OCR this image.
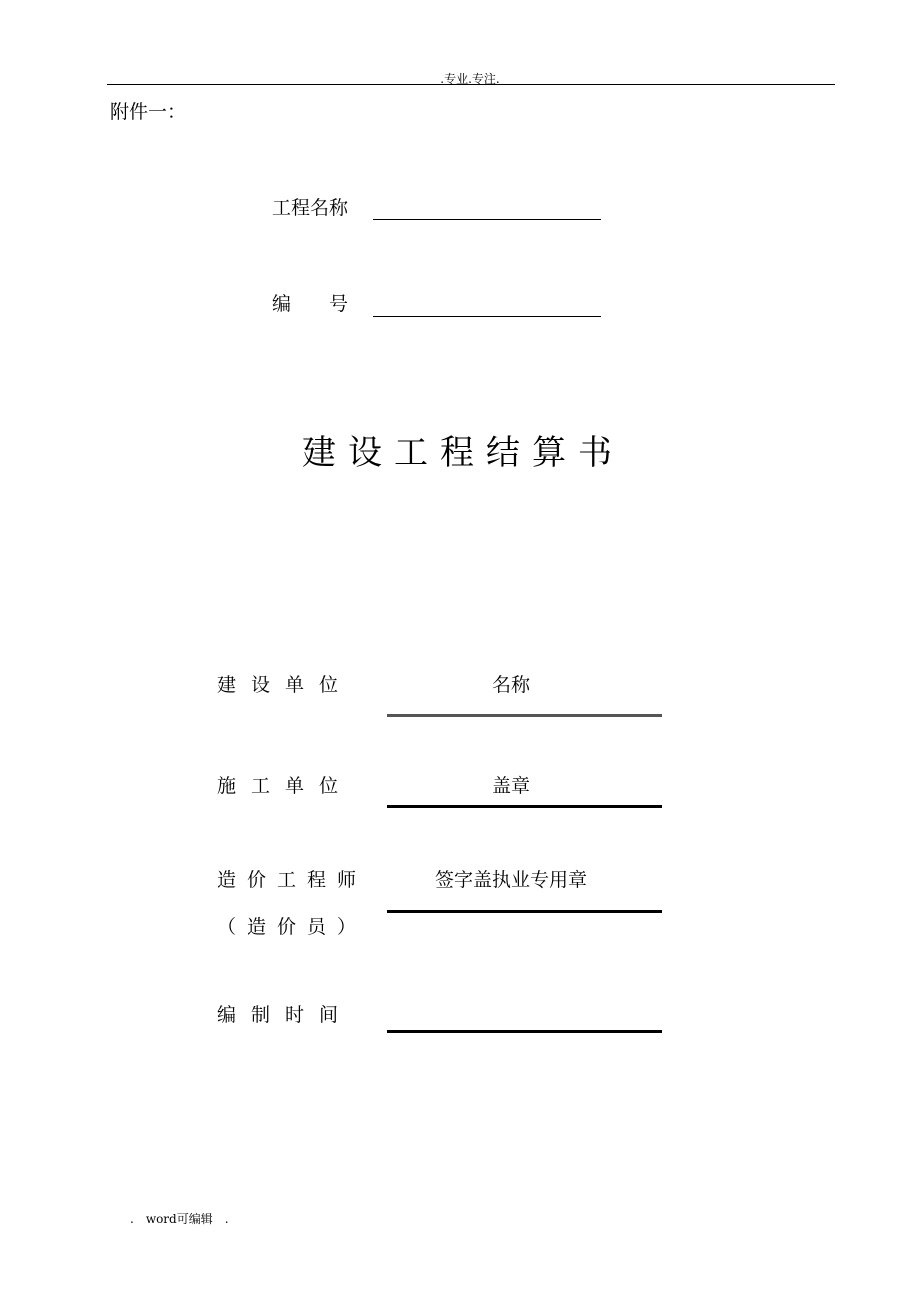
.专业.专注.
附件一：
工程名称
编　　号
建设工程结算书
建设单位	名称
施工单位	盖章
造价工程师	签字盖执业专用章
（造价员）
编制时间
.　word可编辑　.
